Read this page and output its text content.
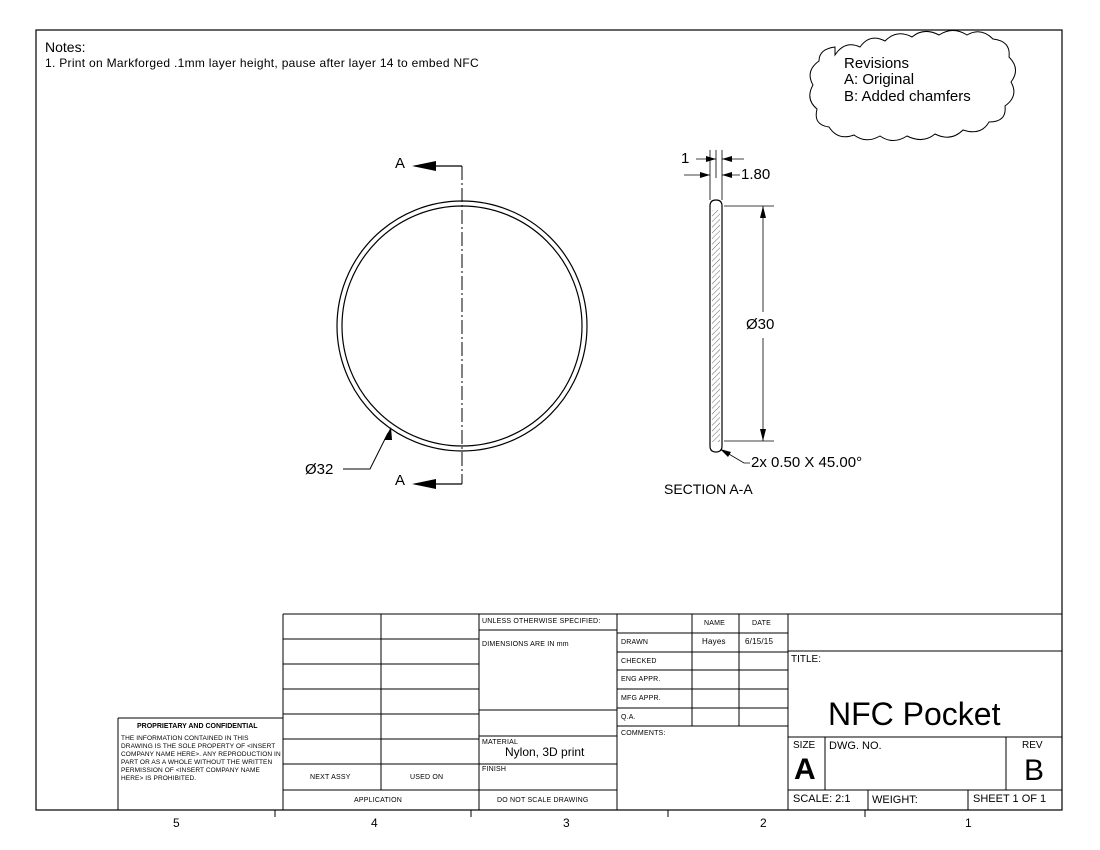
Notes:
1. Print on Markforged .1mm layer height, pause after layer 14 to embed NFC	Revisions
A: Original
B: Added chamfers
A
A
Ø32
1
1.80
Ø30
2x 0.50 X 45.00°
SECTION A-A
UNLESS OTHERWISE SPECIFIED:
DIMENSIONS ARE IN mm
NAME	DATE
DRAWN	Hayes 6/15/15
CHECKED
ENG APPR.
MFG APPR.
Q.A.
COMMENTS:
MATERIAL
Nylon, 3D print
FINISH
DO NOT SCALE DRAWING
NEXT ASSY	USED ON
APPLICATION
TITLE:
NFC Pocket
SIZE
A
DWG. NO.	REV
B
SCALE: 2:1 WEIGHT:	SHEET 1 OF 1
PROPRIETARY AND CONFIDENTIAL
THE INFORMATION CONTAINED IN THIS DRAWING IS THE SOLE PROPERTY OF <INSERT COMPANY NAME HERE>. ANY REPRODUCTION IN PART OR AS A WHOLE WITHOUT THE WRITTEN PERMISSION OF <INSERT COMPANY NAME HERE> IS PROHIBITED.
5	4	3	2	1
